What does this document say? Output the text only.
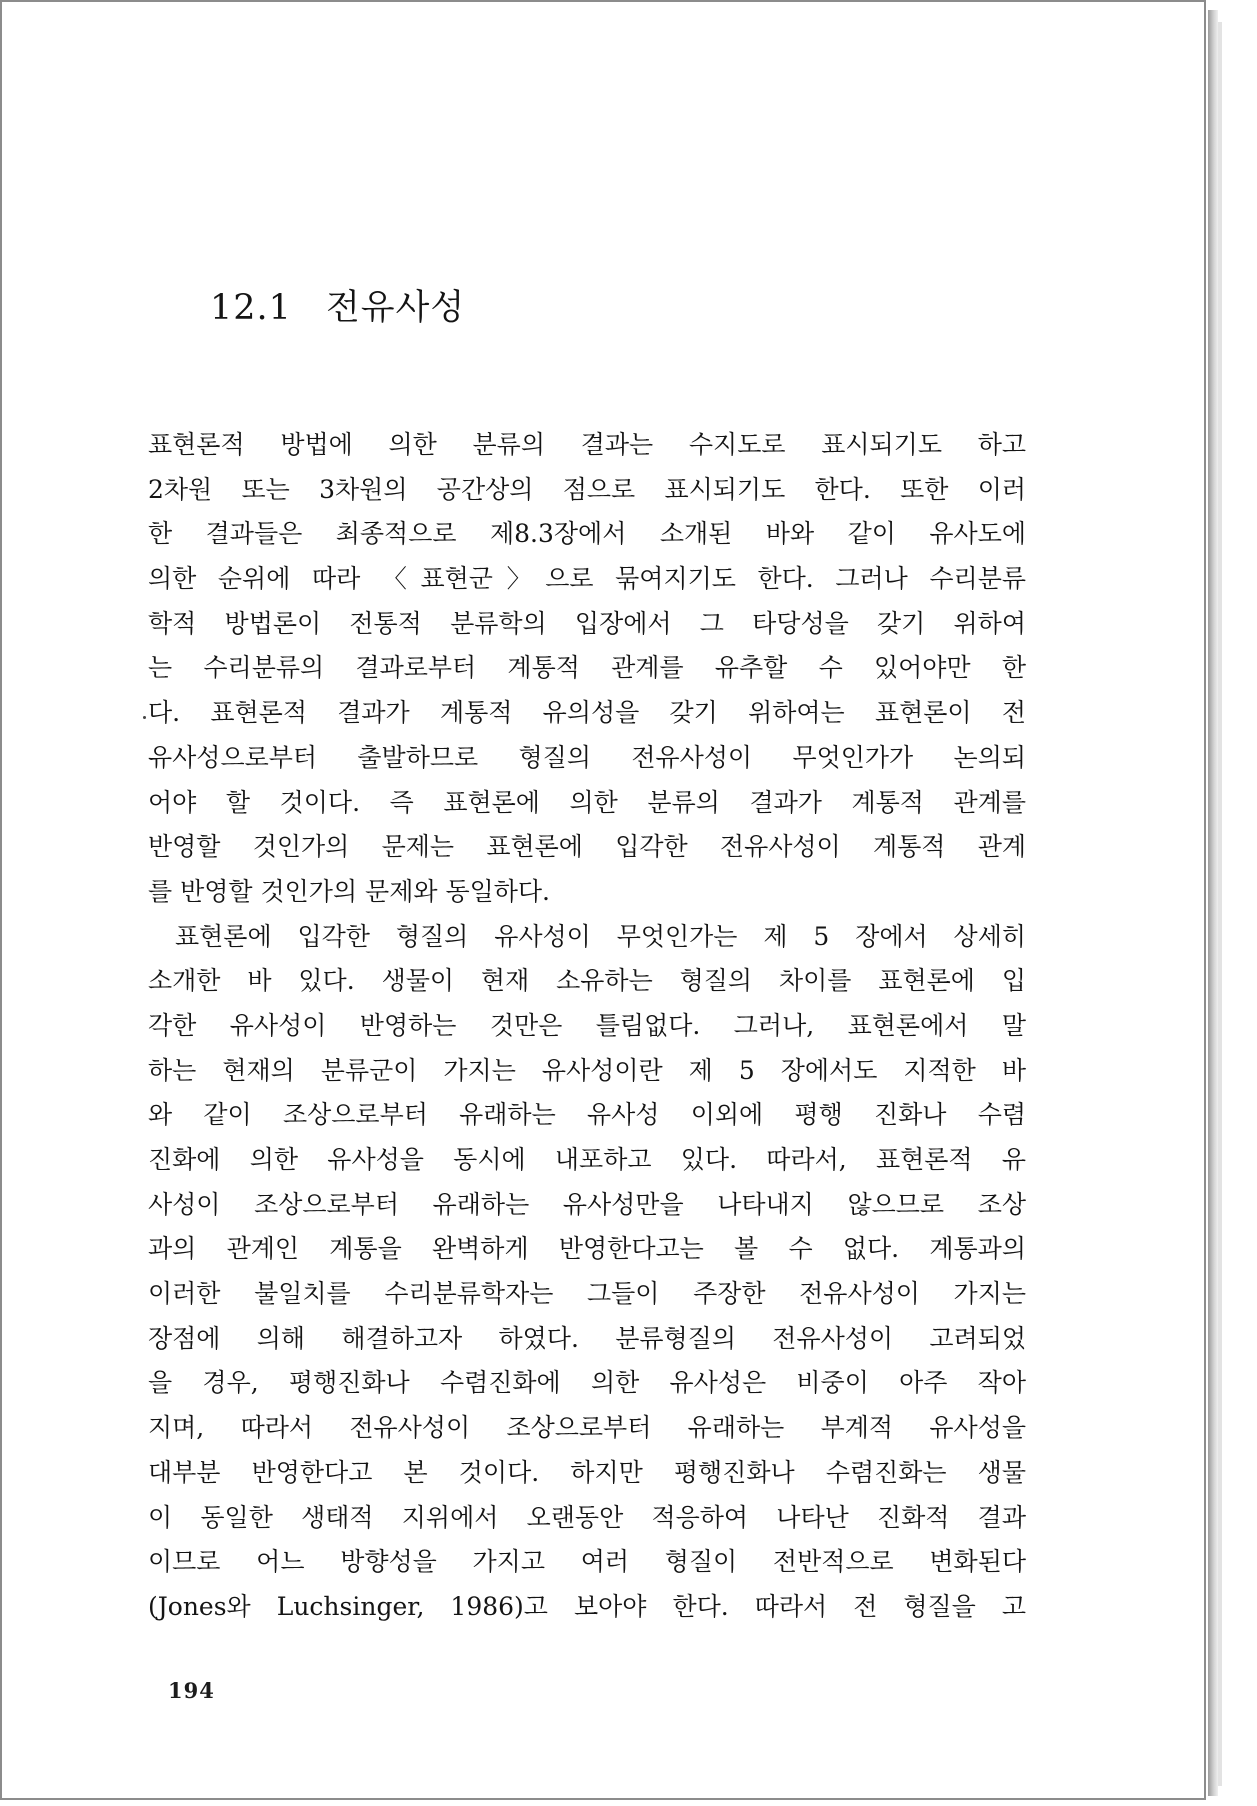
12.1 전유사성
표현론적 방법에 의한 분류의 결과는 수지도로 표시되기도 하고
2차원 또는 3차원의 공간상의 점으로 표시되기도 한다. 또한 이러
한 결과들은 최종적으로 제8.3장에서 소개된 바와 같이 유사도에
의한 순위에 따라 〈표현군〉으로 묶여지기도 한다. 그러나 수리분류
학적 방법론이 전통적 분류학의 입장에서 그 타당성을 갖기 위하여
는 수리분류의 결과로부터 계통적 관계를 유추할 수 있어야만 한
다. 표현론적 결과가 계통적 유의성을 갖기 위하여는 표현론이 전
유사성으로부터 출발하므로 형질의 전유사성이 무엇인가가 논의되
어야 할 것이다. 즉 표현론에 의한 분류의 결과가 계통적 관계를
반영할 것인가의 문제는 표현론에 입각한 전유사성이 계통적 관계
를 반영할 것인가의 문제와 동일하다.
표현론에 입각한 형질의 유사성이 무엇인가는 제 5 장에서 상세히
소개한 바 있다. 생물이 현재 소유하는 형질의 차이를 표현론에 입
각한 유사성이 반영하는 것만은 틀림없다. 그러나, 표현론에서 말
하는 현재의 분류군이 가지는 유사성이란 제 5 장에서도 지적한 바
와 같이 조상으로부터 유래하는 유사성 이외에 평행 진화나 수렴
진화에 의한 유사성을 동시에 내포하고 있다. 따라서, 표현론적 유
사성이 조상으로부터 유래하는 유사성만을 나타내지 않으므로 조상
과의 관계인 계통을 완벽하게 반영한다고는 볼 수 없다. 계통과의
이러한 불일치를 수리분류학자는 그들이 주장한 전유사성이 가지는
장점에 의해 해결하고자 하였다. 분류형질의 전유사성이 고려되었
을 경우, 평행진화나 수렴진화에 의한 유사성은 비중이 아주 작아
지며, 따라서 전유사성이 조상으로부터 유래하는 부계적 유사성을
대부분 반영한다고 본 것이다. 하지만 평행진화나 수렴진화는 생물
이 동일한 생태적 지위에서 오랜동안 적응하여 나타난 진화적 결과
이므로 어느 방향성을 가지고 여러 형질이 전반적으로 변화된다
(Jones와 Luchsinger, 1986)고 보아야 한다. 따라서 전 형질을 고
194
